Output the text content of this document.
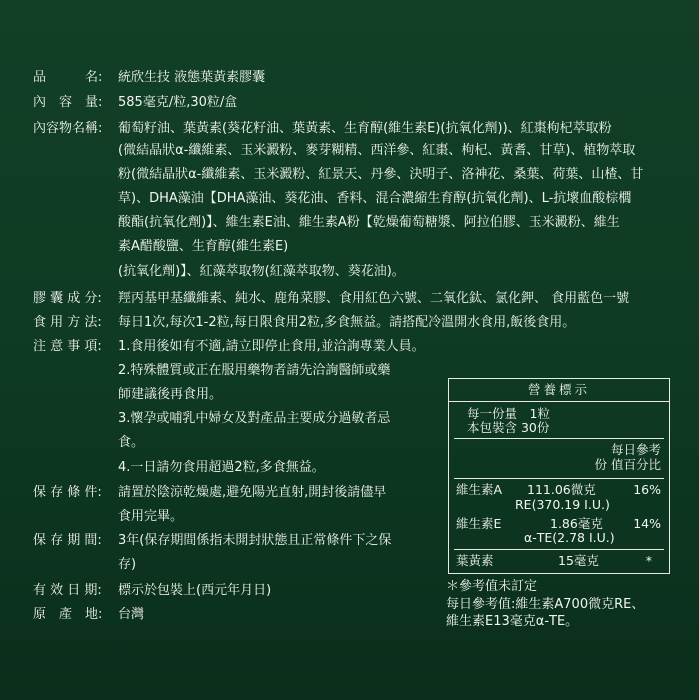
品　　　名: 統欣生技 液態葉黃素膠囊
內　容　量: 585毫克/粒,30粒/盒
內容物名稱: 葡萄籽油、葉黃素(葵花籽油、葉黃素、生育醇(維生素E)(抗氧化劑))、紅棗枸杞萃取粉
(微結晶狀α-纖維素、玉米澱粉、麥芽糊精、西洋參、紅棗、枸杞、黃耆、甘草)、植物萃取
粉(微結晶狀α-纖維素、玉米澱粉、紅景天、丹參、決明子、洛神花、桑葉、荷葉、山楂、甘
草)、DHA藻油【DHA藻油、葵花油、香料、混合濃縮生育醇(抗氧化劑)、L-抗壞血酸棕櫚
酸酯(抗氧化劑)】、維生素E油、維生素A粉【乾燥葡萄糖漿、阿拉伯膠、玉米澱粉、維生
素A醋酸鹽、生育醇(維生素E)
(抗氧化劑)】、紅藻萃取物(紅藻萃取物、葵花油)。
膠 囊 成 分: 羥丙基甲基纖維素、純水、鹿角菜膠、食用紅色六號、二氧化鈦、氯化鉀、 食用藍色一號
食 用 方 法: 每日1次,每次1-2粒,每日限食用2粒,多食無益。請搭配冷溫開水食用,飯後食用。
注 意 事 項: 1.食用後如有不適,請立即停止食用,並洽詢專業人員。
2.特殊體質或正在服用藥物者請先洽詢醫師或藥
師建議後再食用。
3.懷孕或哺乳中婦女及對產品主要成分過敏者忌
食。
4.一日請勿食用超過2粒,多食無益。
保 存 條 件: 請置於陰涼乾燥處,避免陽光直射,開封後請儘早
食用完畢。
保 存 期 間: 3年(保存期間係指未開封狀態且正常條件下之保
存)
有 效 日 期: 標示於包裝上(西元年月日)
原　產　地: 台灣
營養標示
每一份量　1粒
本包裝含 30份
每日參考
份 值百分比
維生素A 111.06微克	16%
RE(370.19 I.U.)
維生素E	1.86毫克 14%
α-TE(2.78 I.U.)
葉黃素	15毫克	*
＊參考值未訂定
每日參考值:維生素A700微克RE、
維生素E13毫克α-TE。
